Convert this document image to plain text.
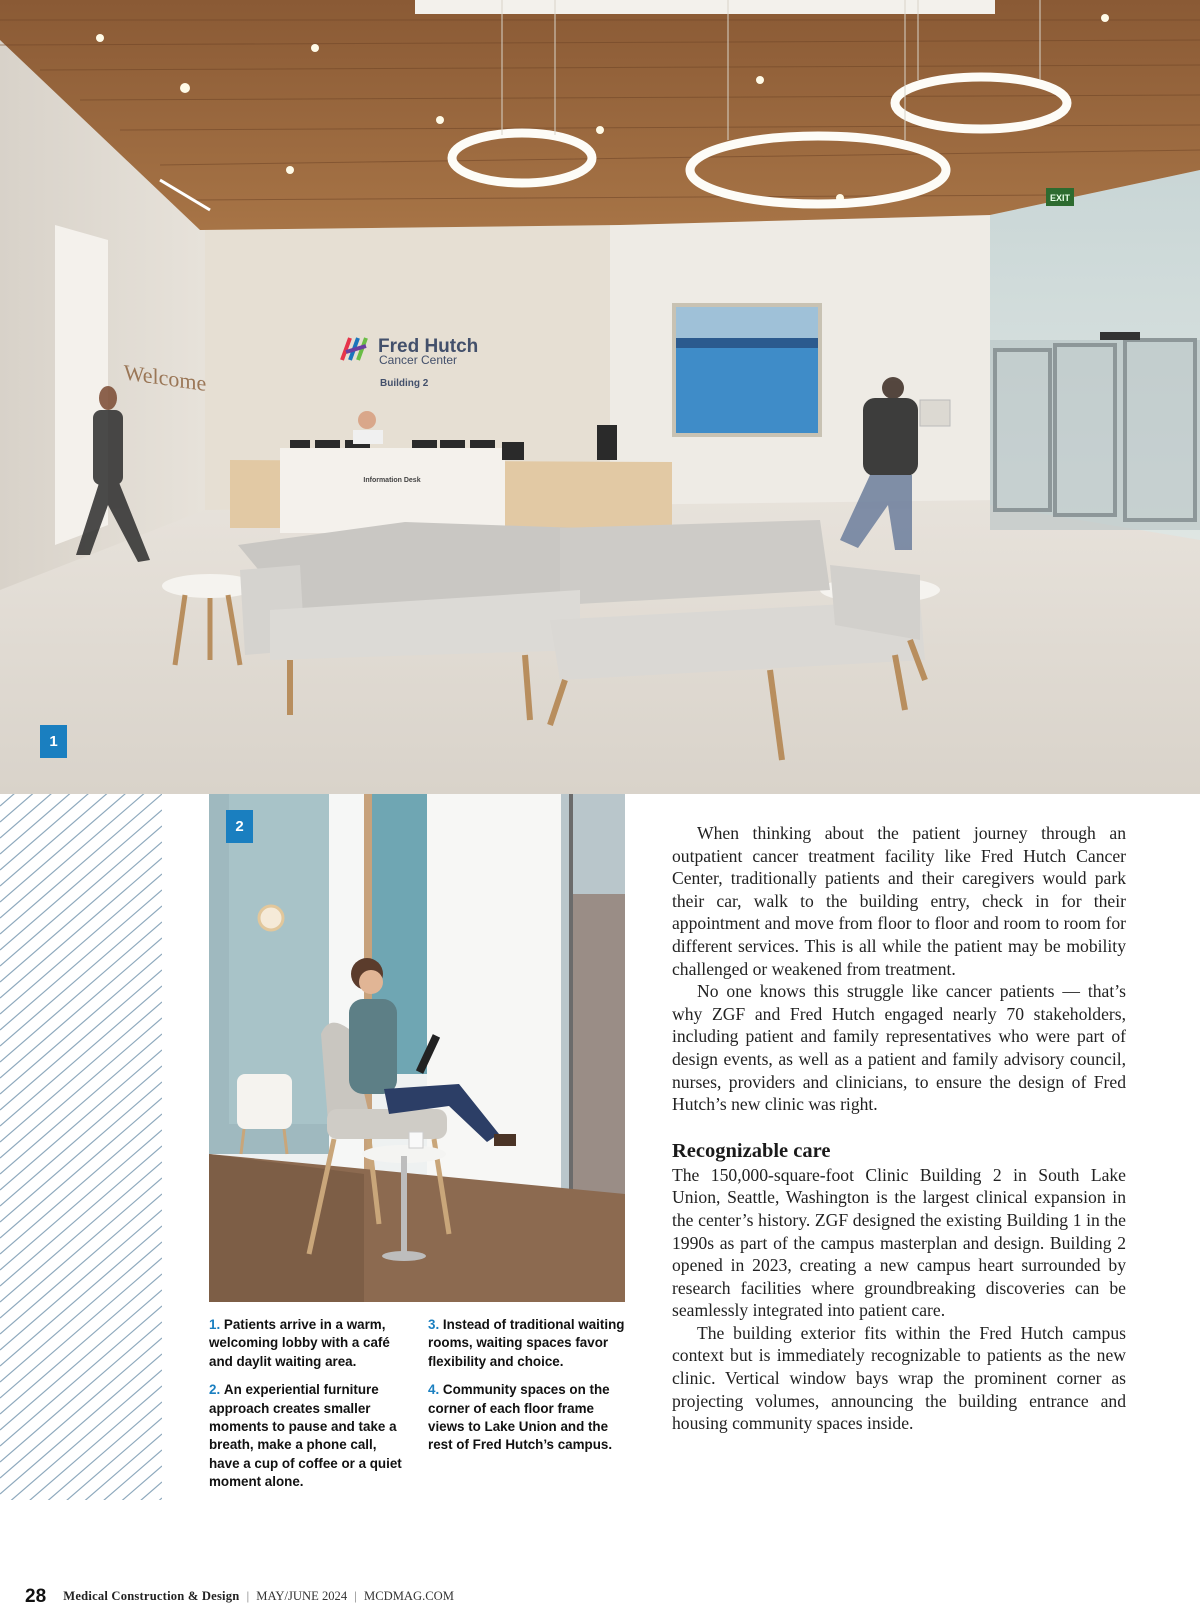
EXIT
Welcome
Fred Hutch
Cancer Center
Building 2
Information Desk
1
2

1. Patients arrive in a warm, welcoming lobby with a café and daylit waiting area.

2. An experiential furniture approach creates smaller moments to pause and take a breath, make a phone call, have a cup of coffee or a quiet moment alone.

3. Instead of traditional waiting rooms, waiting spaces favor flexibility and choice.

4. Community spaces on the corner of each floor frame views to Lake Union and the rest of Fred Hutch’s campus.

When thinking about the patient journey through an outpatient cancer treatment facility like Fred Hutch Cancer Center, traditionally patients and their caregivers would park their car, walk to the building entry, check in for their appointment and move from floor to floor and room to room for different services. This is all while the patient may be mobility challenged or weakened from treatment.

No one knows this struggle like cancer patients — that’s why ZGF and Fred Hutch engaged nearly 70 stakeholders, including patient and family representatives who were part of design events, as well as a patient and family advisory council, nurses, providers and clinicians, to ensure the design of Fred Hutch’s new clinic was right.

Recognizable care

The 150,000-square-foot Clinic Building 2 in South Lake Union, Seattle, Washington is the largest clinical expansion in the center’s history. ZGF designed the existing Building 1 in the 1990s as part of the campus masterplan and design. Building 2 opened in 2023, creating a new campus heart surrounded by research facilities where groundbreaking discoveries can be seamlessly integrated into patient care.

The building exterior fits within the Fred Hutch campus context but is immediately recognizable to patients as the new clinic. Vertical window bays wrap the prominent corner as projecting volumes, announcing the building entrance and housing community spaces inside.

28 Medical Construction & Design | MAY/JUNE 2024 | MCDMAG.COM
